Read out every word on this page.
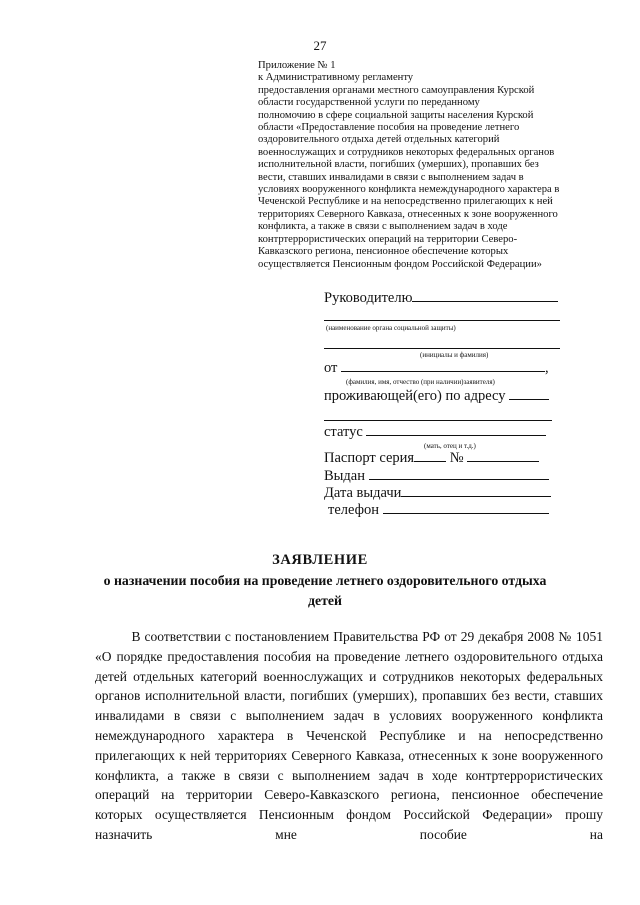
27
Приложение № 1
к Административному регламенту
предоставления органами местного самоуправления Курской
области государственной услуги по переданному
полномочию в сфере социальной защиты населения Курской
области «Предоставление пособия на проведение летнего
оздоровительного отдыха детей отдельных категорий
военнослужащих и сотрудников некоторых федеральных органов
исполнительной власти, погибших (умерших), пропавших без
вести, ставших инвалидами в связи с выполнением задач в
условиях вооруженного конфликта немеждународного характера в
Чеченской Республике и на непосредственно прилегающих к ней
территориях Северного Кавказа, отнесенных к зоне вооруженного
конфликта, а также в связи с выполнением задач в ходе
контртеррористических операций на территории Северо-
Кавказского региона, пенсионное обеспечение которых
осуществляется Пенсионным фондом Российской Федерации»
Руководителю
(наименование органа социальной защиты)
(инициалы и фамилия)
от	,
(фамилия, имя, отчество (при наличии)заявителя)
проживающей(его) по адресу
статус
(мать, отец и т.д.)
Паспорт серия №
Выдан
Дата выдачи
телефон
ЗАЯВЛЕНИЕ
о назначении пособия на проведение летнего оздоровительного отдыха детей
В соответствии с постановлением Правительства РФ от 29 декабря 2008 № 1051 «О порядке предоставления пособия на проведение летнего оздоровительного отдыха детей отдельных категорий военнослужащих и сотрудников некоторых федеральных органов исполнительной власти, погибших (умерших), пропавших без вести, ставших инвалидами в связи с выполнением задач в условиях вооруженного конфликта немеждународного характера в Чеченской Республике и на непосредственно прилегающих к ней территориях Северного Кавказа, отнесенных к зоне вооруженного конфликта, а также в связи с выполнением задач в ходе контртеррористических операций на территории Северо-Кавказского региона, пенсионное обеспечение которых осуществляется Пенсионным фондом Российской Федерации» прошу назначить мне пособие на
